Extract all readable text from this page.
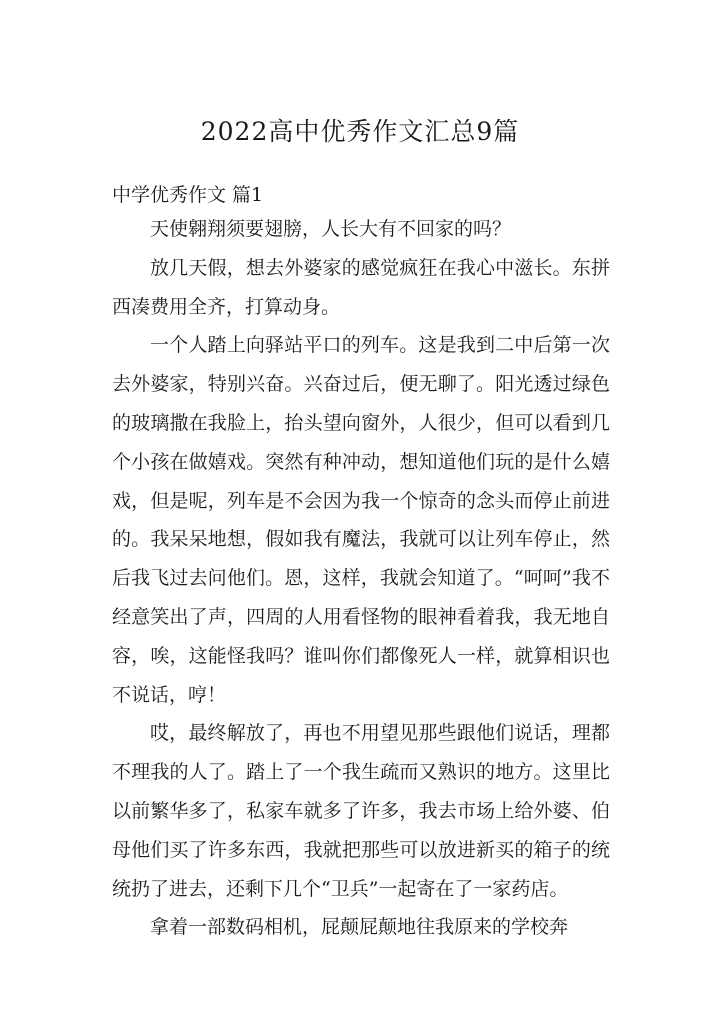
2022高中优秀作文汇总9篇
中学优秀作文 篇1

天使翱翔须要翅膀，人长大有不回家的吗？

放几天假，想去外婆家的感觉疯狂在我心中滋长。东拼西凑费用全齐，打算动身。

一个人踏上向驿站平口的列车。这是我到二中后第一次去外婆家，特别兴奋。兴奋过后，便无聊了。阳光透过绿色的玻璃撒在我脸上，抬头望向窗外，人很少，但可以看到几个小孩在做嬉戏。突然有种冲动，想知道他们玩的是什么嬉戏，但是呢，列车是不会因为我一个惊奇的念头而停止前进的。我呆呆地想，假如我有魔法，我就可以让列车停止，然后我飞过去问他们。恩，这样，我就会知道了。“呵呵”我不经意笑出了声，四周的人用看怪物的眼神看着我，我无地自容，唉，这能怪我吗？谁叫你们都像死人一样，就算相识也不说话，哼！

哎，最终解放了，再也不用望见那些跟他们说话，理都不理我的人了。踏上了一个我生疏而又熟识的地方。这里比以前繁华多了，私家车就多了许多，我去市场上给外婆、伯母他们买了许多东西，我就把那些可以放进新买的箱子的统统扔了进去，还剩下几个“卫兵”一起寄在了一家药店。

拿着一部数码相机，屁颠屁颠地往我原来的学校奔
